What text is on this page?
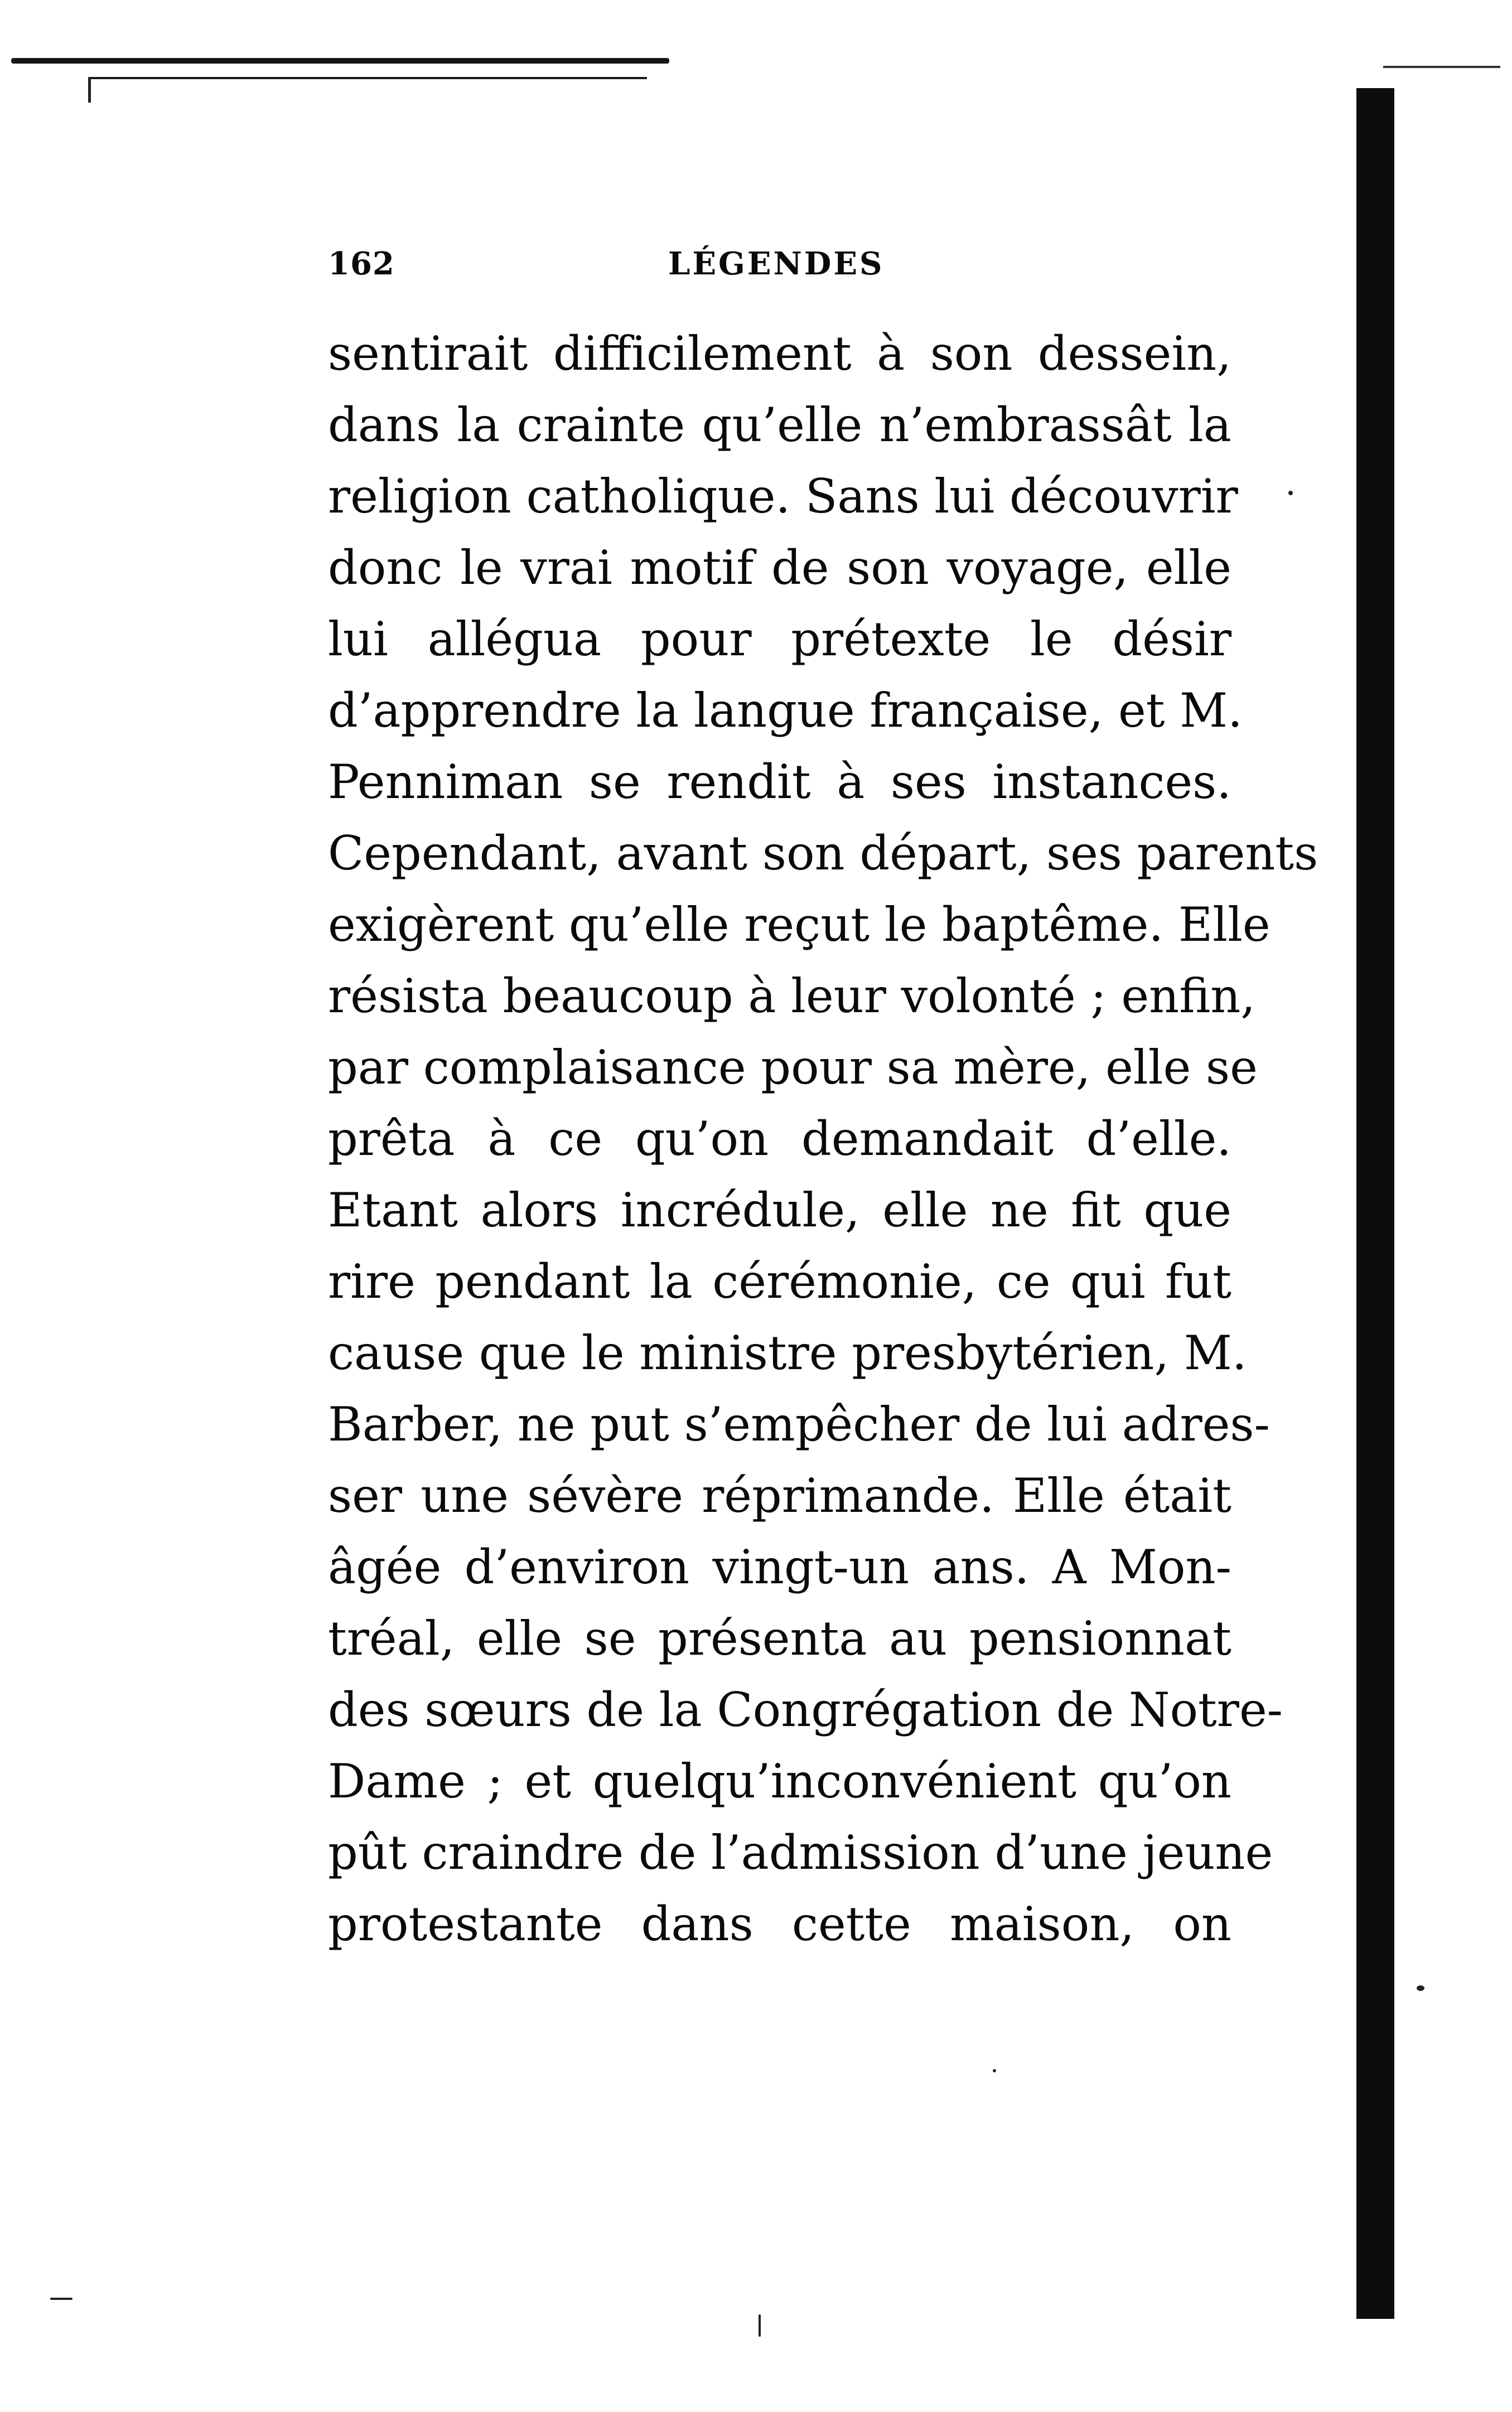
162	LÉGENDES
sentirait difficilement à son dessein,
dans la crainte qu’elle n’embrassât la
religion catholique. Sans lui découvrir
donc le vrai motif de son voyage, elle
lui allégua pour prétexte le désir
d’apprendre la langue française, et M.
Penniman se rendit à ses instances.
Cependant, avant son départ, ses parents
exigèrent qu’elle reçut le baptême. Elle
résista beaucoup à leur volonté ; enfin,
par complaisance pour sa mère, elle se
prêta à ce qu’on demandait d’elle.
Etant alors incrédule, elle ne fit que
rire pendant la cérémonie, ce qui fut
cause que le ministre presbytérien, M.
Barber, ne put s’empêcher de lui adres-
ser une sévère réprimande. Elle était
âgée d’environ vingt-un ans. A Mon-
tréal, elle se présenta au pensionnat
des sœurs de la Congrégation de Notre-
Dame ; et quelqu’inconvénient qu’on
pût craindre de l’admission d’une jeune
protestante dans cette maison, on
